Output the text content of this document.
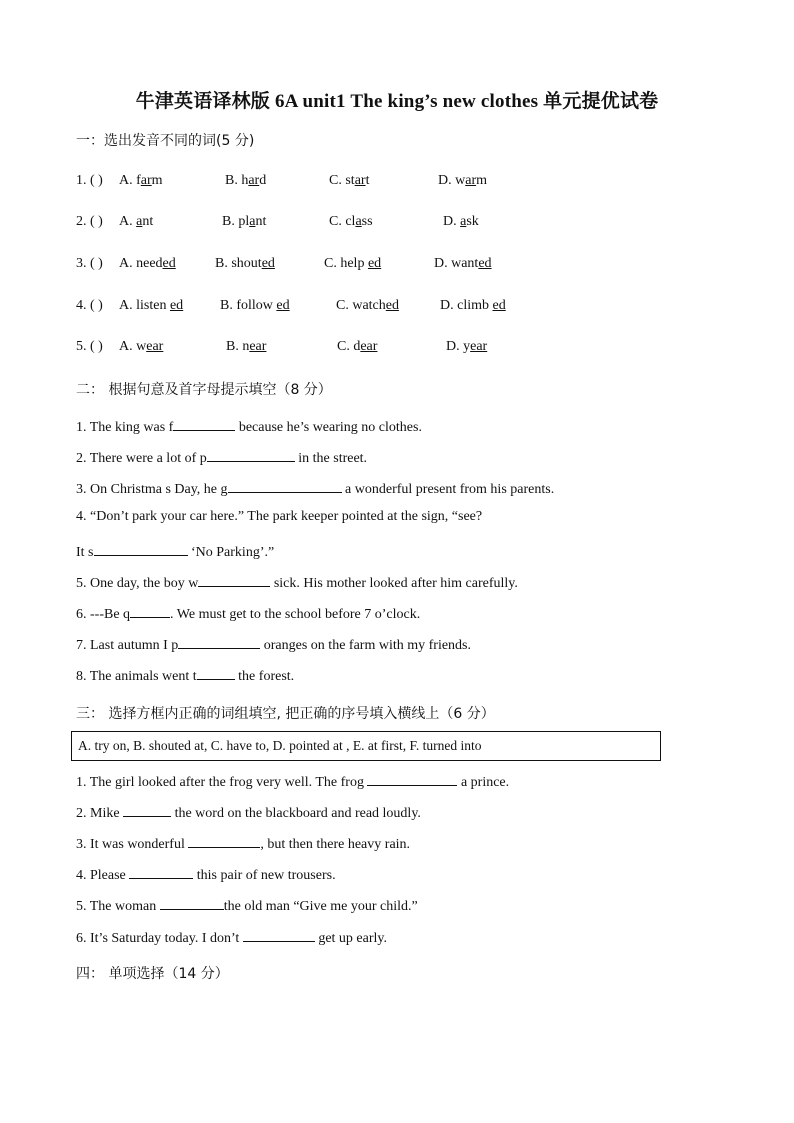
牛津英语译林版 6A unit1 The king’s new clothes 单元提优试卷
一：选出发音不同的词(5 分)
1. ( ) A. farm	B. hard	C. start	D. warm
2. ( ) A. ant	B. plant	C. class	D. ask
3. ( ) A. needed	B. shouted	C. help ed	D. wanted
4. ( ) A. listen ed	B. follow ed	C. watched	D. climb ed
5. ( ) A. wear	B. near	C. dear	D. year
二： 根据句意及首字母提示填空（8 分）
1. The king was f	because he’s wearing no clothes.
2. There were a lot of p	in the street.
3. On Christma s Day, he g	a wonderful present from his parents.
4. “Don’t park your car here.” The park keeper pointed at the sign, “see?
It s	‘No Parking’.”
5. One day, the boy w	sick. His mother looked after him carefully.
6. ---Be q	. We must get to the school before 7 o’clock.
7. Last autumn I p	oranges on the farm with my friends.
8. The animals went t	the forest.
三： 选择方框内正确的词组填空, 把正确的序号填入横线上（6 分）
A. try on, B. shouted at, C. have to, D. pointed at , E. at first, F. turned into
1. The girl looked after the frog very well. The frog	a prince.
2. Mike	the word on the blackboard and read loudly.
3. It was wonderful	, but then there heavy rain.
4. Please	this pair of new trousers.
5. The woman	the old man “Give me your child.”
6. It’s Saturday today. I don’t	get up early.
四： 单项选择（14 分）
